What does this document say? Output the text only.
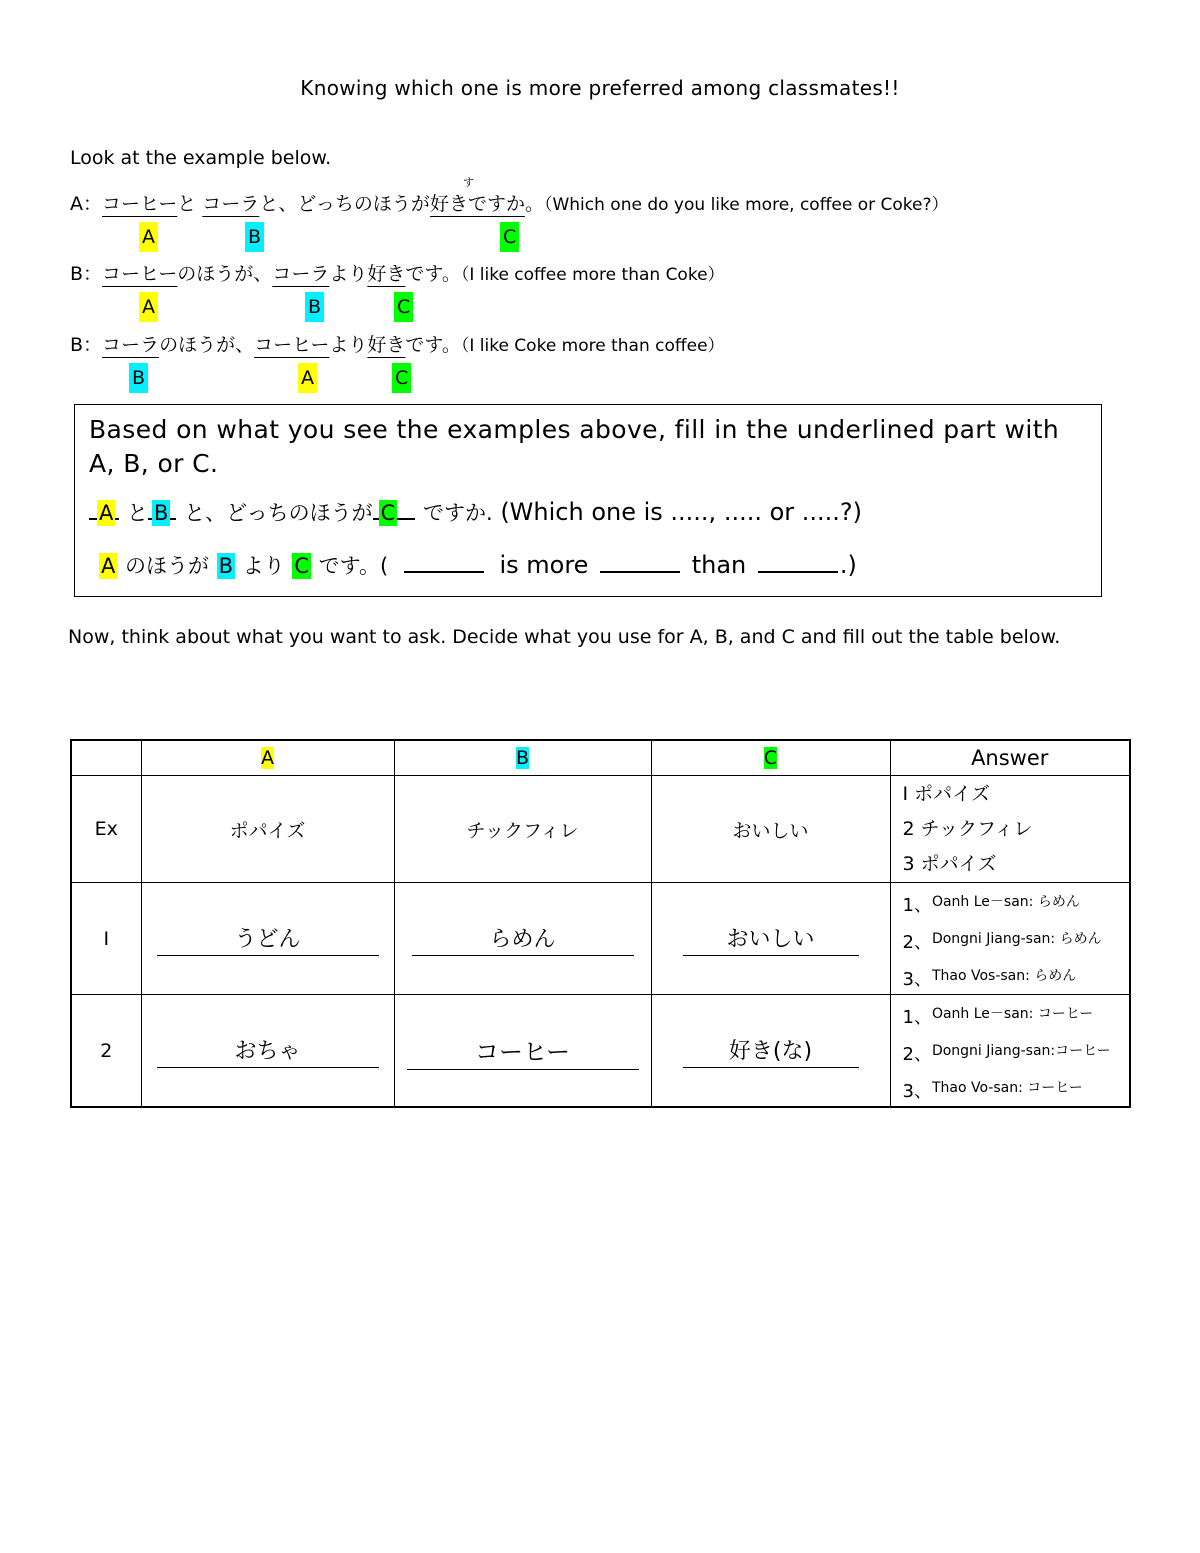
Knowing which one is more preferred among classmates!!
Look at the example below.
A：コーヒーと コーラと、どっちのほうが好きですか。（Which one do you like more, coffee or Coke?）
す
A	B	C
B：コーヒーのほうが、コーラより好きです。（I like coffee more than Coke）
A	B	C
B：コーラのほうが、コーヒーより好きです。（I like Coke more than coffee）
B	A	C
Based on what you see the examples above, fill in the underlined part with A, B, or C.
A と B と、どっちのほうが C ですか. (Which one is ....., ..... or .....?)
A のほうが B より C です。(	is more	than	.)
Now, think about what you want to ask. Decide what you use for A, B, and C and fill out the table below.
	A	B	C	Answer
Ex	ポパイズ	チックフィレ	おいしい	I ポパイズ
2 チックフィレ
3 ポパイズ

I	うどん	らめん	おいしい	1、Oanh Le－san: らめん
2、Dongni Jiang-san: らめん
3、Thao Vos-san: らめん

2	おちゃ	コーヒー	好き(な)	1、Oanh Le－san: コーヒー
2、Dongni Jiang-san:コーヒー
3、Thao Vo-san: コーヒー
